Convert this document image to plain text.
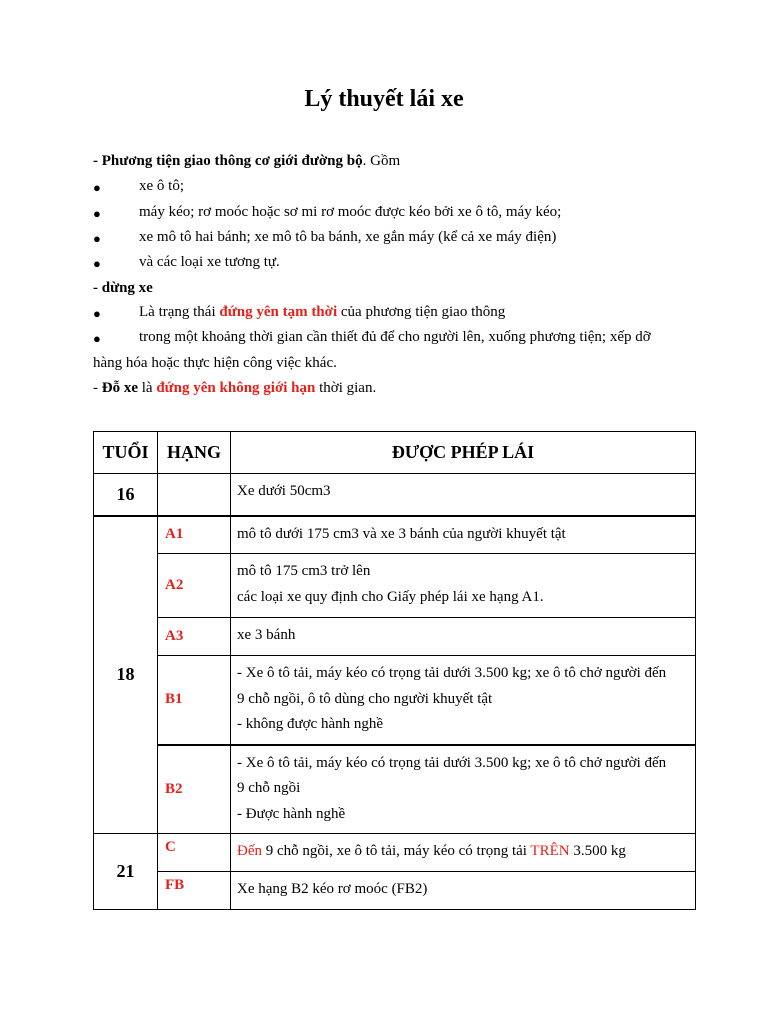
Lý thuyết lái xe
- Phương tiện giao thông cơ giới đường bộ. Gồm
●	xe ô tô;
●	máy kéo; rơ moóc hoặc sơ mi rơ moóc được kéo bởi xe ô tô, máy kéo;
●	xe mô tô hai bánh; xe mô tô ba bánh, xe gắn máy (kể cả xe máy điện)
●	và các loại xe tương tự.
- dừng xe
●	Là trạng thái đứng yên tạm thời của phương tiện giao thông
●	trong một khoảng thời gian cần thiết đủ để cho người lên, xuống phương tiện; xếp dỡ
hàng hóa hoặc thực hiện công việc khác.
- Đỗ xe là đứng yên không giới hạn thời gian.
TUỔI	HẠNG	ĐƯỢC PHÉP LÁI
16		Xe dưới 50cm3
18	A1	mô tô dưới 175 cm3 và xe 3 bánh của người khuyết tật
	A2	mô tô 175 cm3 trở lên
các loại xe quy định cho Giấy phép lái xe hạng A1.

	A3	xe 3 bánh
	B1	- Xe ô tô tải, máy kéo có trọng tải dưới 3.500 kg; xe ô tô chở người đến
9 chỗ ngồi, ô tô dùng cho người khuyết tật
- không được hành nghề

	B2	- Xe ô tô tải, máy kéo có trọng tải dưới 3.500 kg; xe ô tô chở người đến
9 chỗ ngồi
- Được hành nghề

21	C	Đến 9 chỗ ngồi, xe ô tô tải, máy kéo có trọng tải TRÊN 3.500 kg
	FB	Xe hạng B2 kéo rơ moóc (FB2)
